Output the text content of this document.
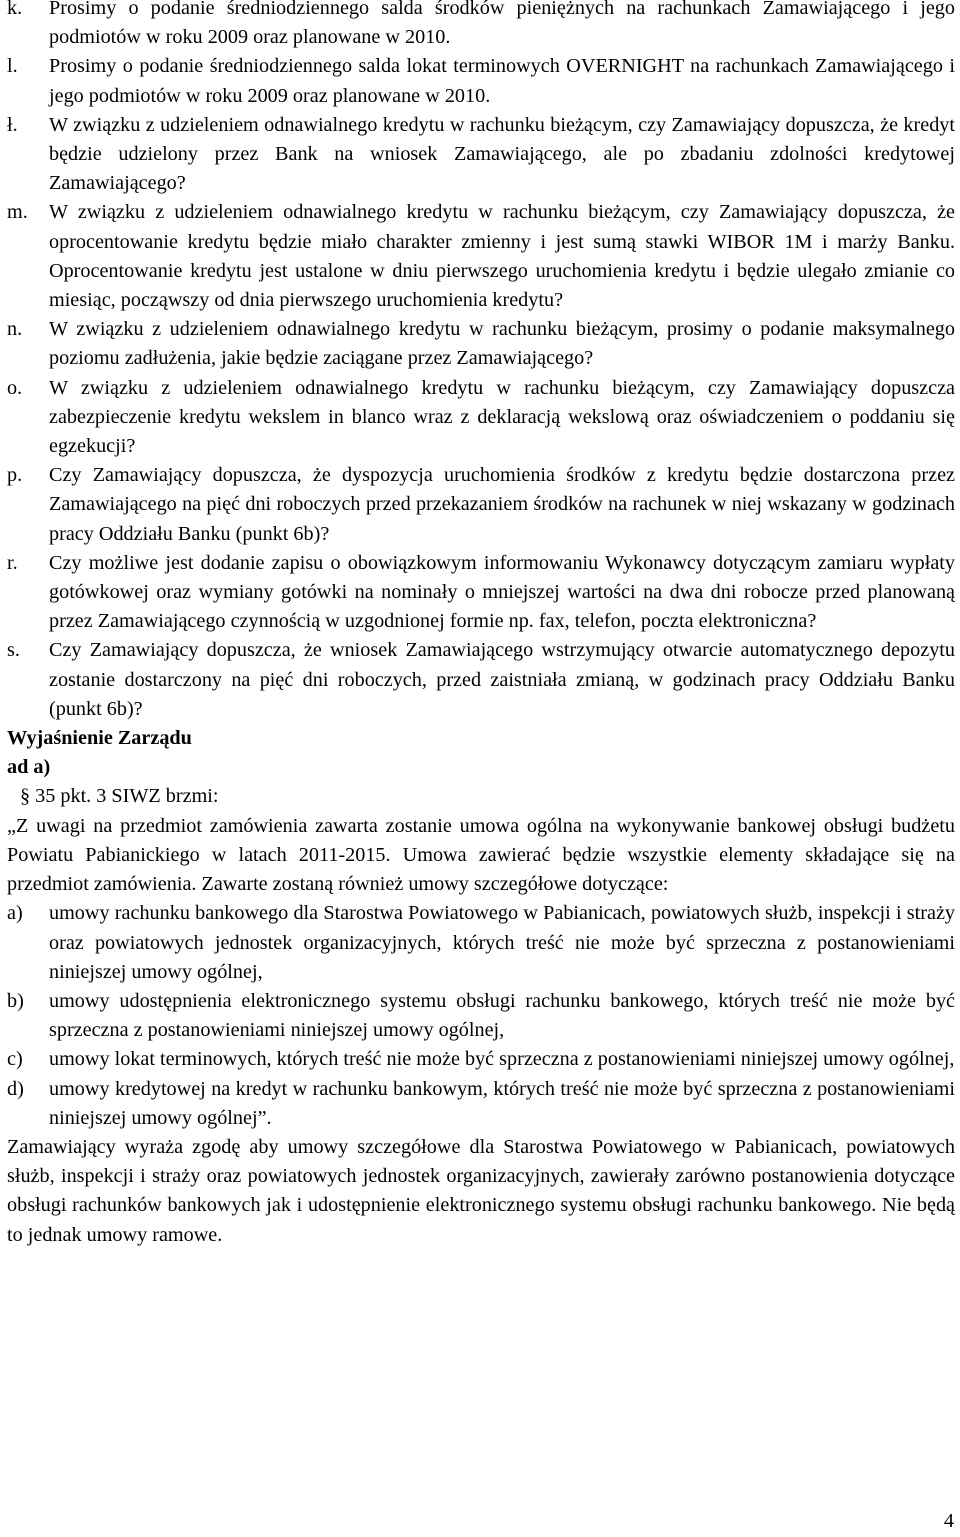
k. Prosimy o podanie średniodziennego salda środków pieniężnych na rachunkach Zamawiającego i jego podmiotów w roku 2009 oraz planowane w 2010.
l. Prosimy o podanie średniodziennego salda lokat terminowych OVERNIGHT na rachunkach Zamawiającego i jego podmiotów w roku 2009 oraz planowane w 2010.
ł. W związku z udzieleniem odnawialnego kredytu w rachunku bieżącym, czy Zamawiający dopuszcza, że kredyt będzie udzielony przez Bank na wniosek Zamawiającego, ale po zbadaniu zdolności kredytowej Zamawiającego?
m. W związku z udzieleniem odnawialnego kredytu w rachunku bieżącym, czy Zamawiający dopuszcza, że oprocentowanie kredytu będzie miało charakter zmienny i jest sumą stawki WIBOR 1M i marży Banku. Oprocentowanie kredytu jest ustalone w dniu pierwszego uruchomienia kredytu i będzie ulegało zmianie co miesiąc, począwszy od dnia pierwszego uruchomienia kredytu?
n. W związku z udzieleniem odnawialnego kredytu w rachunku bieżącym, prosimy o podanie maksymalnego poziomu zadłużenia, jakie będzie zaciągane przez Zamawiającego?
o. W związku z udzieleniem odnawialnego kredytu w rachunku bieżącym, czy Zamawiający dopuszcza zabezpieczenie kredytu wekslem in blanco wraz z deklaracją wekslową oraz oświadczeniem o poddaniu się egzekucji?
p. Czy Zamawiający dopuszcza, że dyspozycja uruchomienia środków z kredytu będzie dostarczona przez Zamawiającego na pięć dni roboczych przed przekazaniem środków na rachunek w niej wskazany w godzinach pracy Oddziału Banku (punkt 6b)?
r. Czy możliwe jest dodanie zapisu o obowiązkowym informowaniu Wykonawcy dotyczącym zamiaru wypłaty gotówkowej oraz wymiany gotówki na nominały o mniejszej wartości na dwa dni robocze przed planowaną przez Zamawiającego czynnością w uzgodnionej formie np. fax, telefon, poczta elektroniczna?
s. Czy Zamawiający dopuszcza, że wniosek Zamawiającego wstrzymujący otwarcie automatycznego depozytu zostanie dostarczony na pięć dni roboczych, przed zaistniała zmianą, w godzinach pracy Oddziału Banku (punkt 6b)?
Wyjaśnienie Zarządu
ad a)
§ 35 pkt. 3 SIWZ brzmi:
„Z uwagi na przedmiot zamówienia zawarta zostanie umowa ogólna na wykonywanie bankowej obsługi budżetu Powiatu Pabianickiego w latach 2011-2015. Umowa zawierać będzie wszystkie elementy składające się na przedmiot zamówienia. Zawarte zostaną również umowy szczegółowe dotyczące:
a) umowy rachunku bankowego dla Starostwa Powiatowego w Pabianicach, powiatowych służb, inspekcji i straży oraz powiatowych jednostek organizacyjnych, których treść nie może być sprzeczna z postanowieniami niniejszej umowy ogólnej,
b) umowy udostępnienia elektronicznego systemu obsługi rachunku bankowego, których treść nie może być sprzeczna z postanowieniami niniejszej umowy ogólnej,
c) umowy lokat terminowych, których treść nie może być sprzeczna z postanowieniami niniejszej umowy ogólnej,
d) umowy kredytowej na kredyt w rachunku bankowym, których treść nie może być sprzeczna z postanowieniami niniejszej umowy ogólnej”.
Zamawiający wyraża zgodę aby umowy szczegółowe dla Starostwa Powiatowego w Pabianicach, powiatowych służb, inspekcji i straży oraz powiatowych jednostek organizacyjnych, zawierały zarówno postanowienia dotyczące obsługi rachunków bankowych jak i udostępnienie elektronicznego systemu obsługi rachunku bankowego. Nie będą to jednak umowy ramowe.
4
